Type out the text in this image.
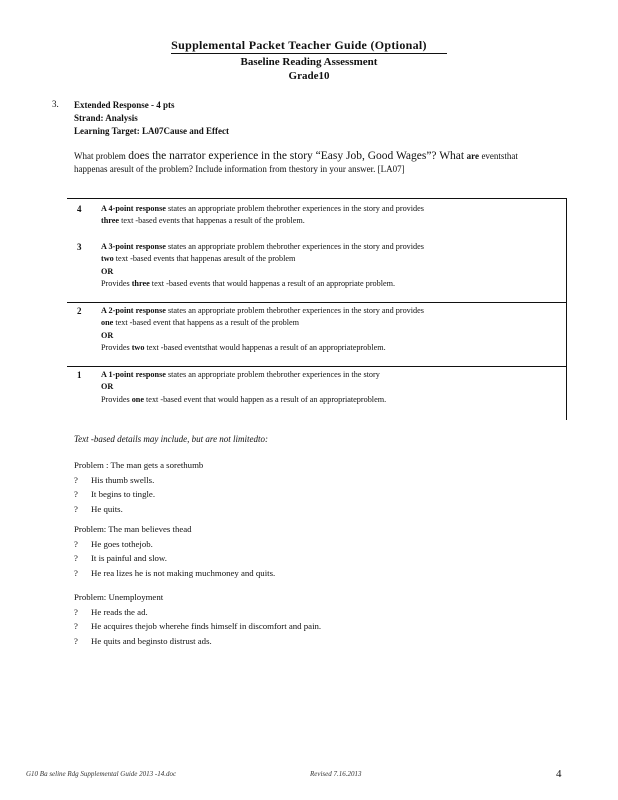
Supplemental Packet Teacher Guide (Optional)
Baseline Reading Assessment
Grade10
3. Extended Response - 4 pts
Strand: Analysis
Learning Target: LA07Cause and Effect
What problem does the narrator experience in the story “Easy Job, Good Wages”? What are eventsthat
happenas aresult of the problem? Include information from thestory in your answer. [LA07]
4 A 4-point response states an appropriate problem thebrother experiences in the story and provides
three text -based events that happenas a result of the problem.
3 A 3-point response states an appropriate problem thebrother experiences in the story and provides
two text -based events that happenas aresult of the problem
OR
Provides three text -based events that would happenas a result of an appropriate problem.
2 A 2-point response states an appropriate problem thebrother experiences in the story and provides
one text -based event that happens as a result of the problem
OR
Provides two text -based eventsthat would happenas a result of an appropriateproblem.
1 A 1-point response states an appropriate problem thebrother experiences in the story
OR
Provides one text -based event that would happen as a result of an appropriateproblem.
Text -based details may include, but are not limitedto:
Problem : The man gets a sorethumb
? His thumb swells.
? It begins to tingle.
? He quits.
Problem: The man believes thead
? He goes tothejob.
? It is painful and slow.
? He rea lizes he is not making muchmoney and quits.
Problem: Unemployment
? He reads the ad.
? He acquires thejob wherehe finds himself in discomfort and pain.
? He quits and beginsto distrust ads.
G10 Ba seline Rdg Supplemental Guide 2013 -14.doc	Revised 7.16.2013	4
